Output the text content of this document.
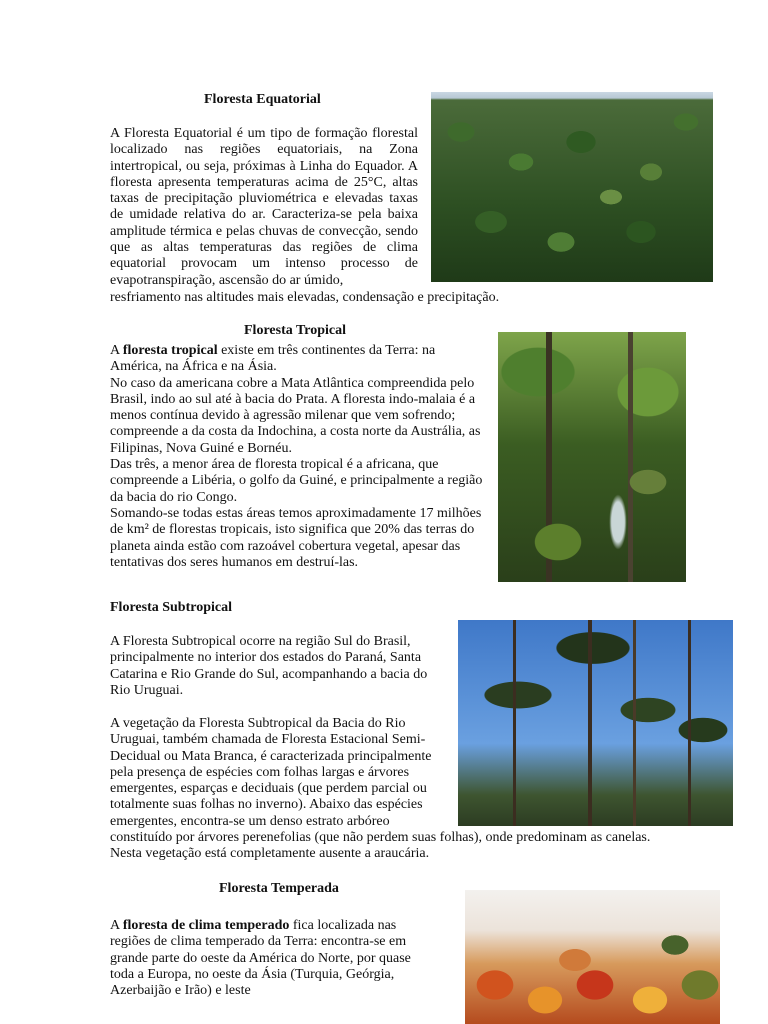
Floresta Equatorial

A Floresta Equatorial é um tipo de formação florestal localizado nas regiões equatoriais, na Zona intertropical, ou seja, próximas à Linha do Equador. A floresta apresenta temperaturas acima de 25°C, altas taxas de precipitação pluviométrica e elevadas taxas de umidade relativa do ar. Caracteriza-se pela baixa amplitude térmica e pelas chuvas de convecção, sendo que as altas temperaturas das regiões de clima equatorial provocam um intenso processo de evapotranspiração, ascensão do ar úmido,

resfriamento nas altitudes mais elevadas, condensação e precipitação.

Floresta Tropical

A floresta tropical existe em três continentes da Terra: na América, na África e na Ásia.

No caso da americana cobre a Mata Atlântica compreendida pelo Brasil, indo ao sul até à bacia do Prata. A floresta indo-malaia é a menos contínua devido à agressão milenar que vem sofrendo; compreende a da costa da Indochina, a costa norte da Austrália, as Filipinas, Nova Guiné e Bornéu.

Das três, a menor área de floresta tropical é a africana, que compreende a Libéria, o golfo da Guiné, e principalmente a região da bacia do rio Congo.

Somando-se todas estas áreas temos aproximadamente 17 milhões de km² de florestas tropicais, isto significa que 20% das terras do planeta ainda estão com razoável cobertura vegetal, apesar das tentativas dos seres humanos em destruí-las.

Floresta Subtropical

A Floresta Subtropical ocorre na região Sul do Brasil, principalmente no interior dos estados do Paraná, Santa Catarina e Rio Grande do Sul, acompanhando a bacia do Rio Uruguai.

A vegetação da Floresta Subtropical da Bacia do Rio Uruguai, também chamada de Floresta Estacional Semi-Decidual ou Mata Branca, é caracterizada principalmente pela presença de espécies com folhas largas e árvores emergentes, esparças e deciduais (que perdem parcial ou totalmente suas folhas no inverno). Abaixo das espécies emergentes, encontra-se um denso estrato arbóreo

constituído por árvores perenefolias (que não perdem suas folhas), onde predominam as canelas.

Nesta vegetação está completamente ausente a araucária.

Floresta Temperada

A floresta de clima temperado fica localizada nas regiões de clima temperado da Terra: encontra-se em grande parte do oeste da América do Norte, por quase toda a Europa, no oeste da Ásia (Turquia, Geórgia, Azerbaijão e Irão) e leste
